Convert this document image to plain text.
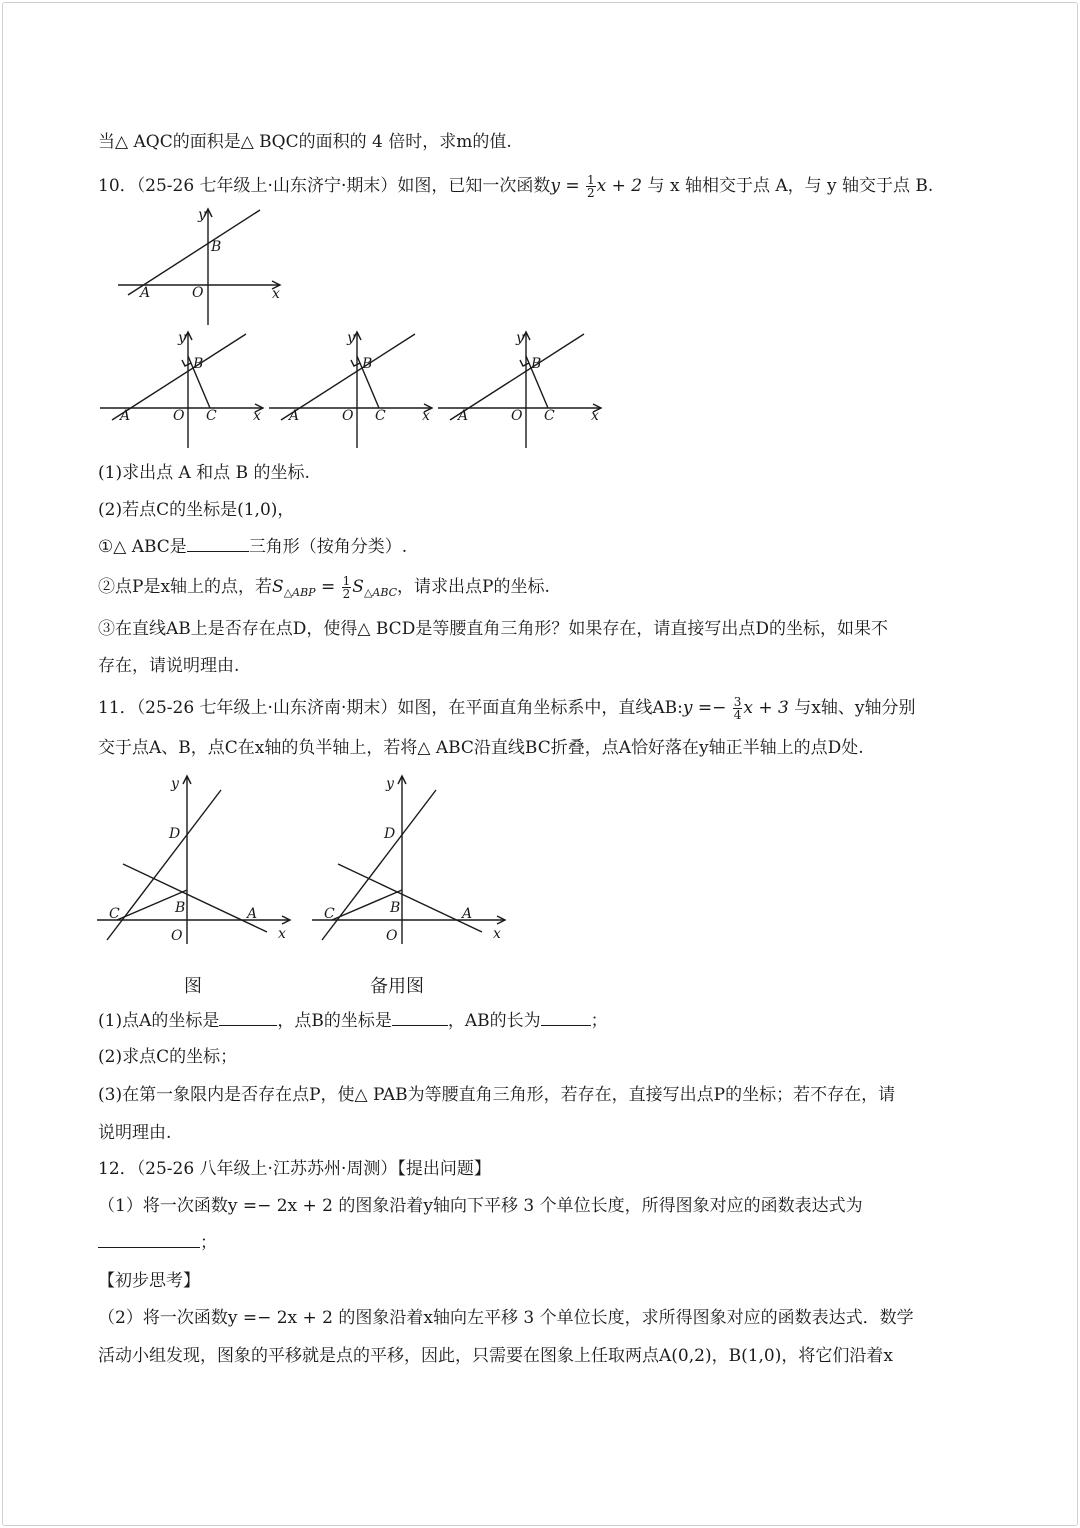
当△ AQC的面积是△ BQC的面积的 4 倍时，求m的值.
10．（25-26 七年级上·山东济宁·期末）如图，已知一次函数$y = \frac{1}{2}$ x + 2 与 x 轴相交于点 A，与 y 轴交于点 B.
y
B
A	O	x
y
B
A	O C	x
y
B
A	O C	x
y
B
A	O C	x
(1)求出点 A 和点 B 的坐标.
(2)若点C的坐标是(1,0)，
①△ ABC是	三角形（按角分类）.
②点P是x轴上的点，若$S_{\triangle ABP} = \frac{1}{2} S_{\triangle ABC}$，请求出点P的坐标.
③在直线AB上是否存在点D，使得△ BCD是等腰直角三角形？如果存在，请直接写出点D的坐标，如果不
存在，请说明理由.
11．（25-26 七年级上·山东济南·期末）如图，在平面直角坐标系中，直线AB:y =− $\frac{3}{4}$ x + 3 与x轴、y轴分别
交于点A、B，点C在x轴的负半轴上，若将△ ABC沿直线BC折叠，点A恰好落在y轴正半轴上的点D处.
y
D
C	B	A
O	x
y
D
C	B	A
O	x
图	备用图
(1)点A的坐标是	，点B的坐标是	，AB的长为	；
(2)求点C的坐标；
(3)在第一象限内是否存在点P，使△ PAB为等腰直角三角形，若存在，直接写出点P的坐标；若不存在，请
说明理由.
12．（25-26 八年级上·江苏苏州·周测）【提出问题】
（1）将一次函数y =− 2x + 2 的图象沿着y轴向下平移 3 个单位长度，所得图象对应的函数表达式为
；
【初步思考】
（2）将一次函数y =− 2x + 2 的图象沿着x轴向左平移 3 个单位长度，求所得图象对应的函数表达式．数学
活动小组发现，图象的平移就是点的平移，因此，只需要在图象上任取两点A(0,2)，B(1,0)，将它们沿着x
